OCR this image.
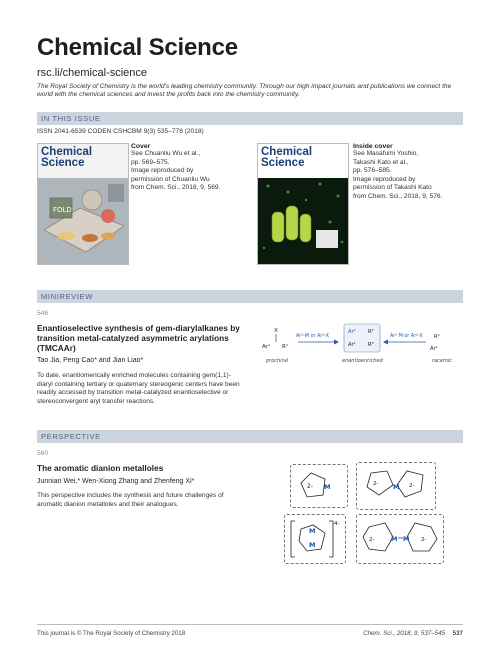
Chemical Science
rsc.li/chemical-science
The Royal Society of Chemistry is the world’s leading chemistry community. Through our high impact journals and publications we connect the world with the chemical sciences and invest the profits back into the chemistry community.
IN THIS ISSUE
ISSN 2041-6539 CODEN CSHCBM 9(3) 535–778 (2018)
Chemical Science
FOLD
Cover
See Chuanliu Wu et al.,
pp. 569–575.
Image reproduced by
permission of Chuanliu Wu
from Chem. Sci., 2018, 9, 569.
Chemical Science
Inside cover
See Masafumi Yoshio,
Takashi Kato et al.,
pp. 576–585.
Image reproduced by
permission of Takashi Kato
from Chem. Sci., 2018, 9, 576.
MINIREVIEW
546
Enantioselective synthesis of gem-diarylalkanes by transition metal-catalyzed asymmetric arylations (TMCAAr)
Tao Jia, Peng Cao* and Jian Liao*
To date, enantiomerically enriched molecules containing gem(1,1)-diaryl containing tertiary or quaternary stereogenic centers have been readily accessed by transition metal-catalyzed enantioselective or stereoconvergent aryl transfer reactions.
X
Ar¹ R¹
prochiral
Ar²-M or Ar²-X
Ar² R²
Ar¹ R³
enantioenriched
Ar² M or Ar²-X R²
Ar¹
racemic
PERSPECTIVE
560
The aromatic dianion metalloles
Junnian Wei,* Wen-Xiong Zhang and Zhenfeng Xi*
This perspective includes the synthesis and future challenges of aromatic dianion metalloles and their analogues.
2- M	2- M 2-
M
M
4-
2-	M M 2-
This journal is © The Royal Society of Chemistry 2018	Chem. Sci., 2018, 9, 537–545 537
